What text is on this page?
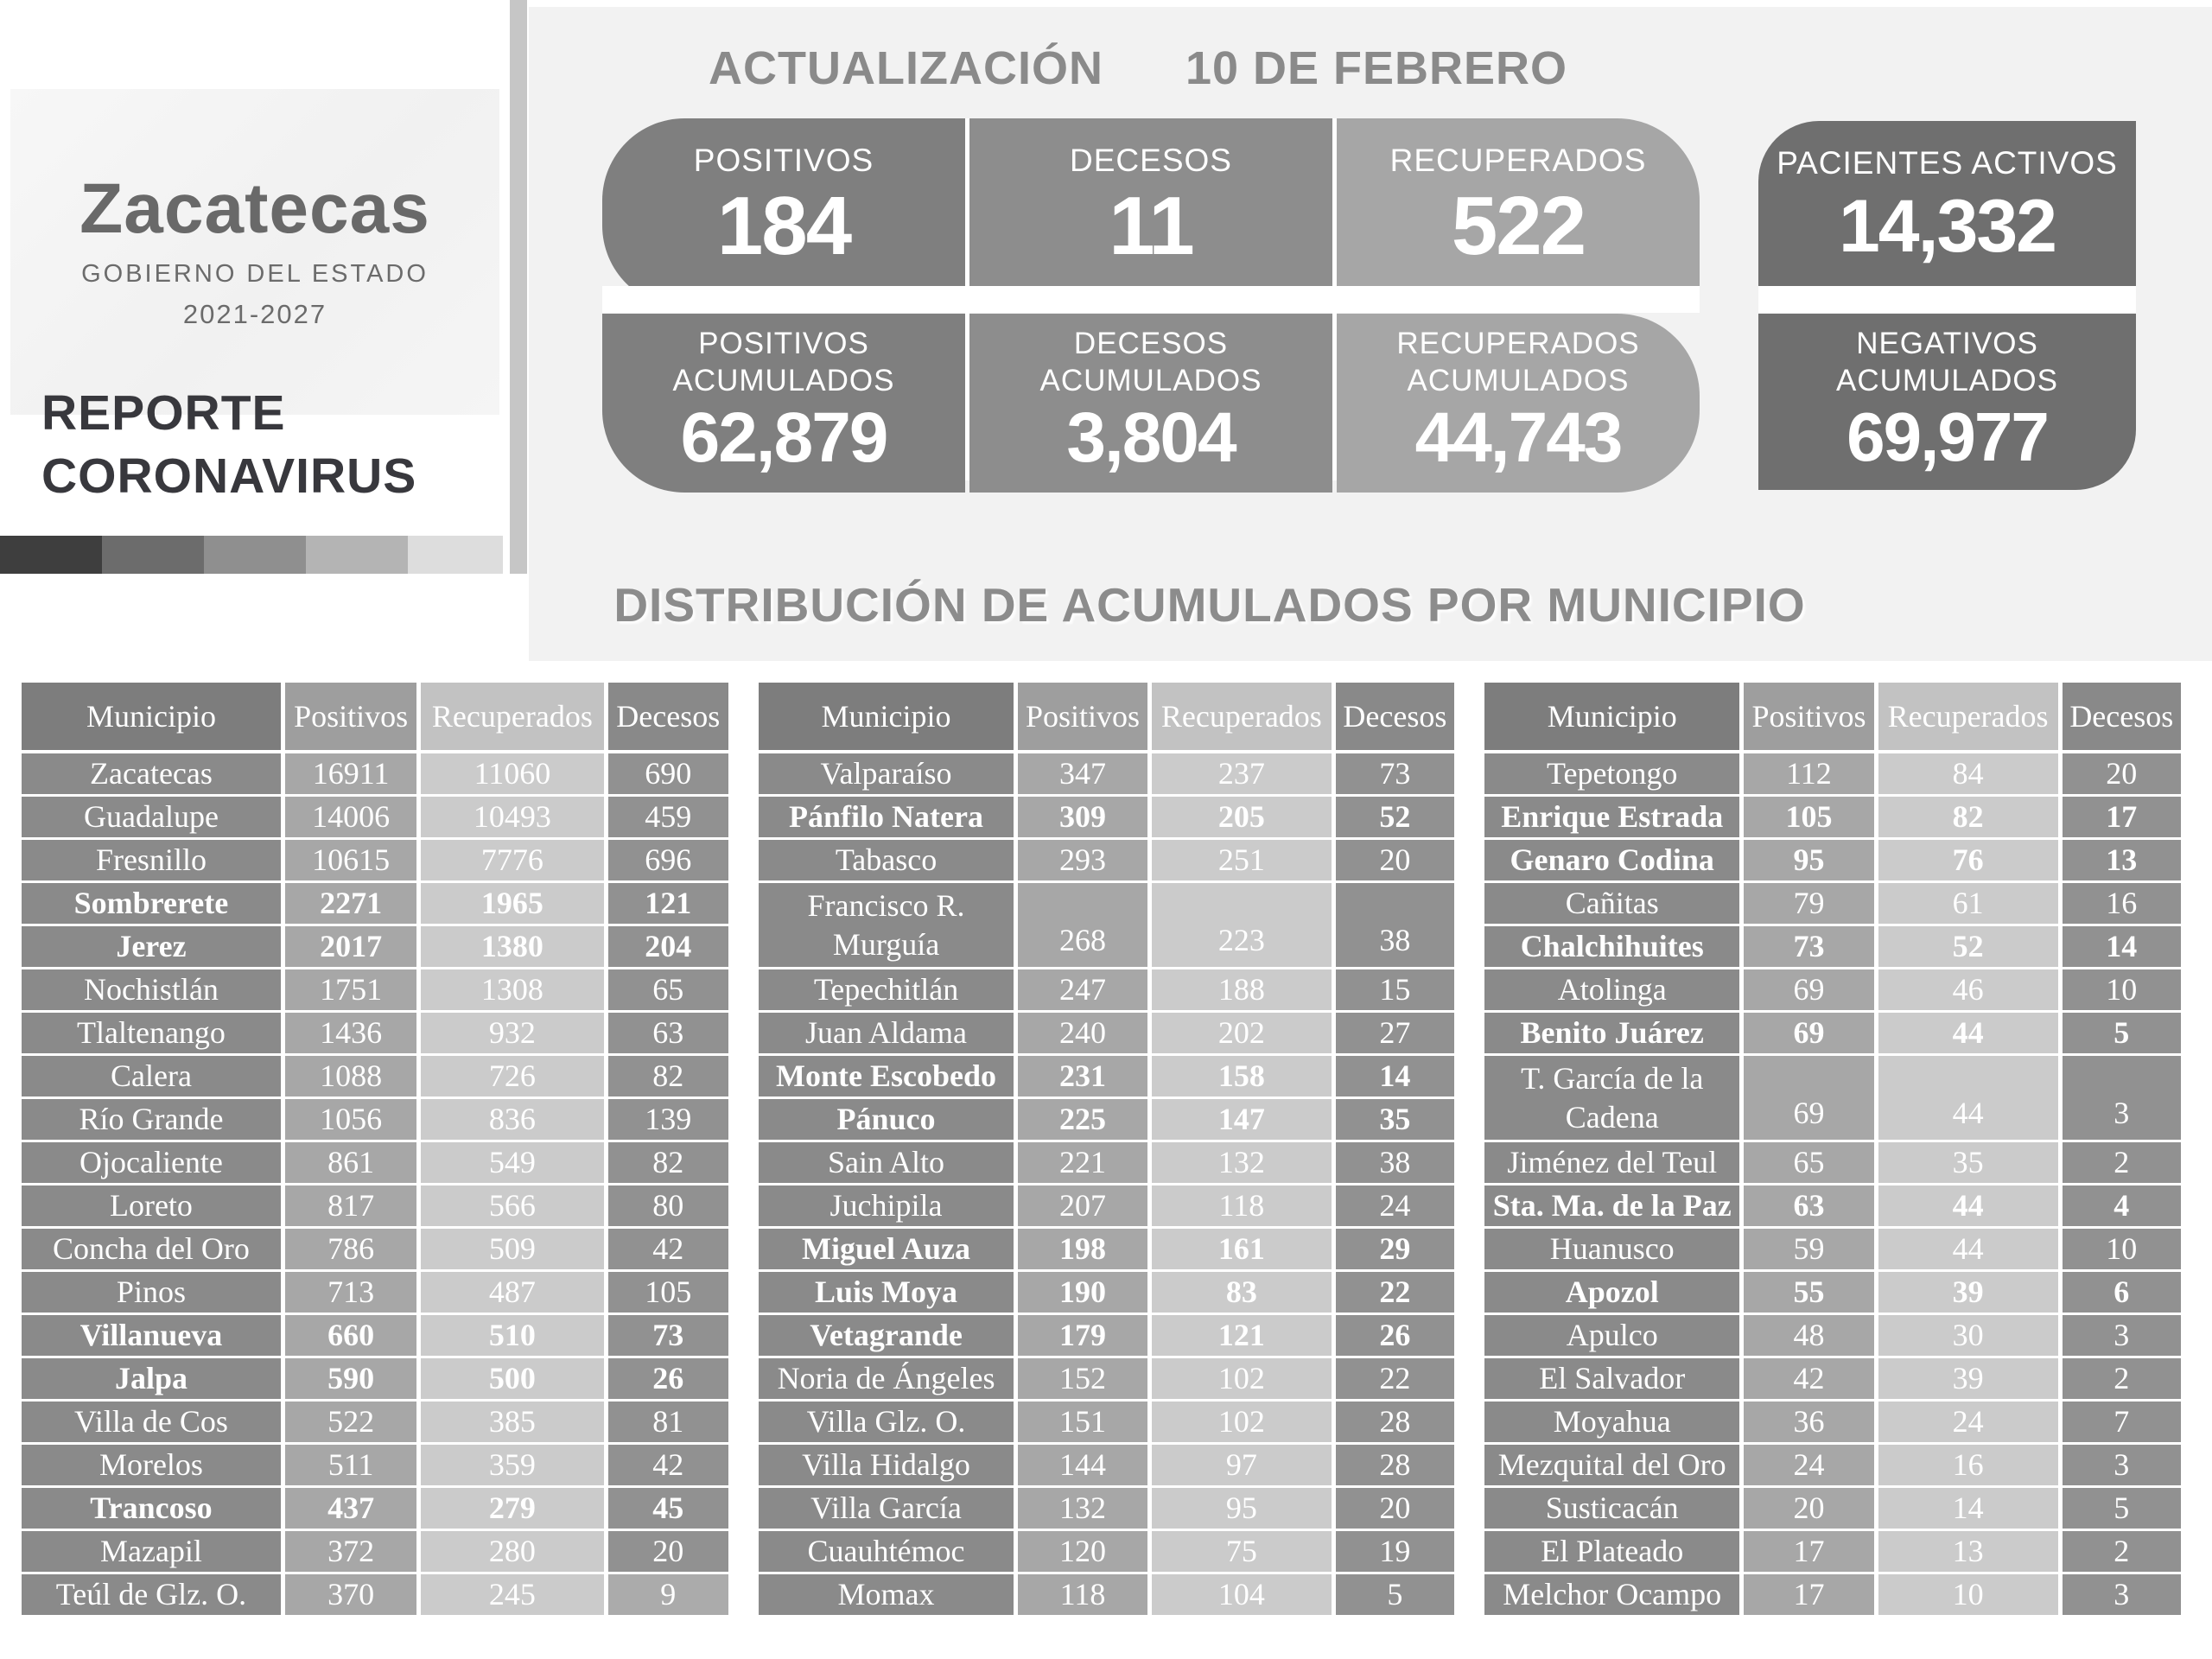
Zacatecas
GOBIERNO DEL ESTADO
2021-2027
REPORTE
CORONAVIRUS
ACTUALIZACIÓN 10 DE FEBRERO
POSITIVOS
184
DECESOS
11
RECUPERADOS
522
POSITIVOS ACUMULADOS
62,879
DECESOS ACUMULADOS
3,804
RECUPERADOS ACUMULADOS
44,743
PACIENTES ACTIVOS
14,332
NEGATIVOS ACUMULADOS
69,977
DISTRIBUCIÓN DE ACUMULADOS POR MUNICIPIO
Municipio	Positivos Recuperados Decesos
Zacatecas	16911	11060	690
Guadalupe	14006	10493	459
Fresnillo	10615	7776	696
Sombrerete	2271	1965	121
Jerez	2017	1380	204
Nochistlán	1751	1308	65
Tlaltenango	1436	932	63
Calera	1088	726	82
Río Grande	1056	836	139
Ojocaliente	861	549	82
Loreto	817	566	80
Concha del Oro	786	509	42
Pinos	713	487	105
Villanueva	660	510	73
Jalpa	590	500	26
Villa de Cos	522	385	81
Morelos	511	359	42
Trancoso	437	279	45
Mazapil	372	280	20
Teúl de Glz. O.	370	245	9
Municipio	Positivos Recuperados Decesos
Valparaíso	347	237	73
Pánfilo Natera	309	205	52
Tabasco	293	251	20
Francisco R. Murguía	268	223	38
Tepechitlán	247	188	15
Juan Aldama	240	202	27
Monte Escobedo	231	158	14
Pánuco	225	147	35
Sain Alto	221	132	38
Juchipila	207	118	24
Miguel Auza	198	161	29
Luis Moya	190	83	22
Vetagrande	179	121	26
Noria de Ángeles	152	102	22
Villa Glz. O.	151	102	28
Villa Hidalgo	144	97	28
Villa García	132	95	20
Cuauhtémoc	120	75	19
Momax	118	104	5
Municipio	Positivos Recuperados Decesos
Tepetongo	112	84	20
Enrique Estrada	105	82	17
Genaro Codina	95	76	13
Cañitas	79	61	16
Chalchihuites	73	52	14
Atolinga	69	46	10
Benito Juárez	69	44	5
T. García de la Cadena	69	44	3
Jiménez del Teul	65	35	2
Sta. Ma. de la Paz	63	44	4
Huanusco	59	44	10
Apozol	55	39	6
Apulco	48	30	3
El Salvador	42	39	2
Moyahua	36	24	7
Mezquital del Oro	24	16	3
Susticacán	20	14	5
El Plateado	17	13	2
Melchor Ocampo	17	10	3
